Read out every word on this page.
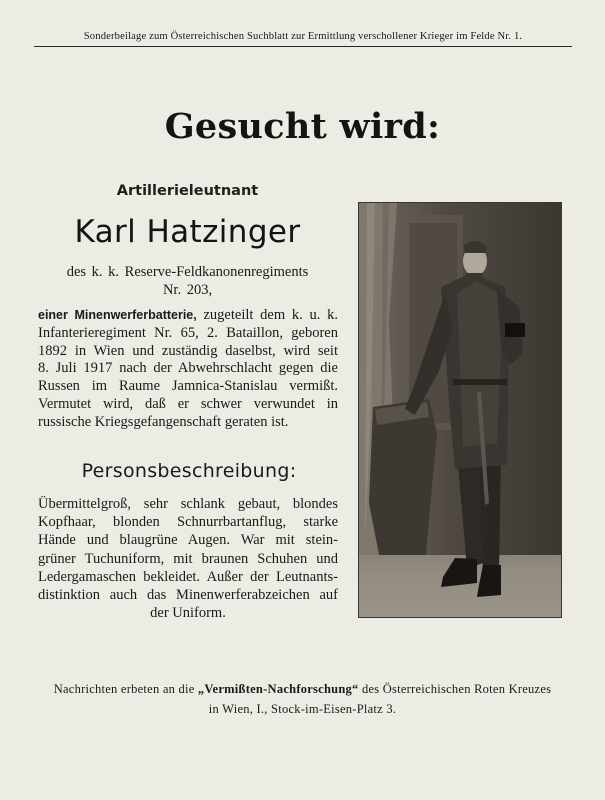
Sonderbeilage zum Österreichischen Suchblatt zur Ermittlung verschollener Krieger im Felde Nr. 1.
Gesucht wird:
Artillerieleutnant
Karl Hatzinger
des k. k. Reserve-Feldkanonenregiments
Nr. 203,
einer Minenwerferbatterie, zugeteilt dem k. u. k.
Infanterieregiment Nr. 65, 2. Bataillon, geboren
1892 in Wien und zuständig daselbst, wird seit
8. Juli 1917 nach der Abwehrschlacht gegen die
Russen im Raume Jamnica-Stanislau vermißt.
Vermutet wird, daß er schwer verwundet in
russische Kriegsgefangenschaft geraten ist.
Personsbeschreibung:
Übermittelgroß, sehr schlank gebaut, blondes
Kopfhaar, blonden Schnurrbartanflug, starke
Hände und blaugrüne Augen. War mit stein-
grüner Tuchuniform, mit braunen Schuhen und
Ledergamaschen bekleidet. Außer der Leutnants-
distinktion auch das Minenwerferabzeichen auf
der Uniform.
Nachrichten erbeten an die „Vermißten-Nachforschung“ des Österreichischen Roten Kreuzes
in Wien, I., Stock-im-Eisen-Platz 3.
